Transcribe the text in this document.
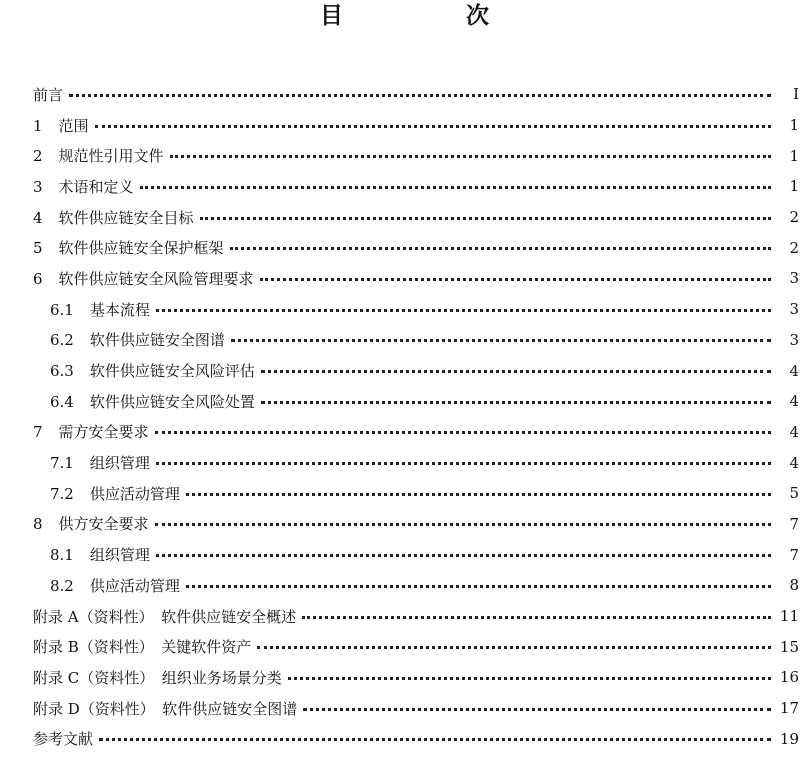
目　次
前言	I
1 范围	1
2 规范性引用文件	1
3 术语和定义	1
4 软件供应链安全目标	2
5 软件供应链安全保护框架	2
6 软件供应链安全风险管理要求	3
6.1 基本流程	3
6.2 软件供应链安全图谱	3
6.3 软件供应链安全风险评估	4
6.4 软件供应链安全风险处置	4
7 需方安全要求	4
7.1 组织管理	4
7.2 供应活动管理	5
8 供方安全要求	7
8.1 组织管理	7
8.2 供应活动管理	8
附录 A（资料性）　软件供应链安全概述	11
附录 B（资料性）　关键软件资产	15
附录 C（资料性）　组织业务场景分类	16
附录 D（资料性）　软件供应链安全图谱	17
参考文献	19
